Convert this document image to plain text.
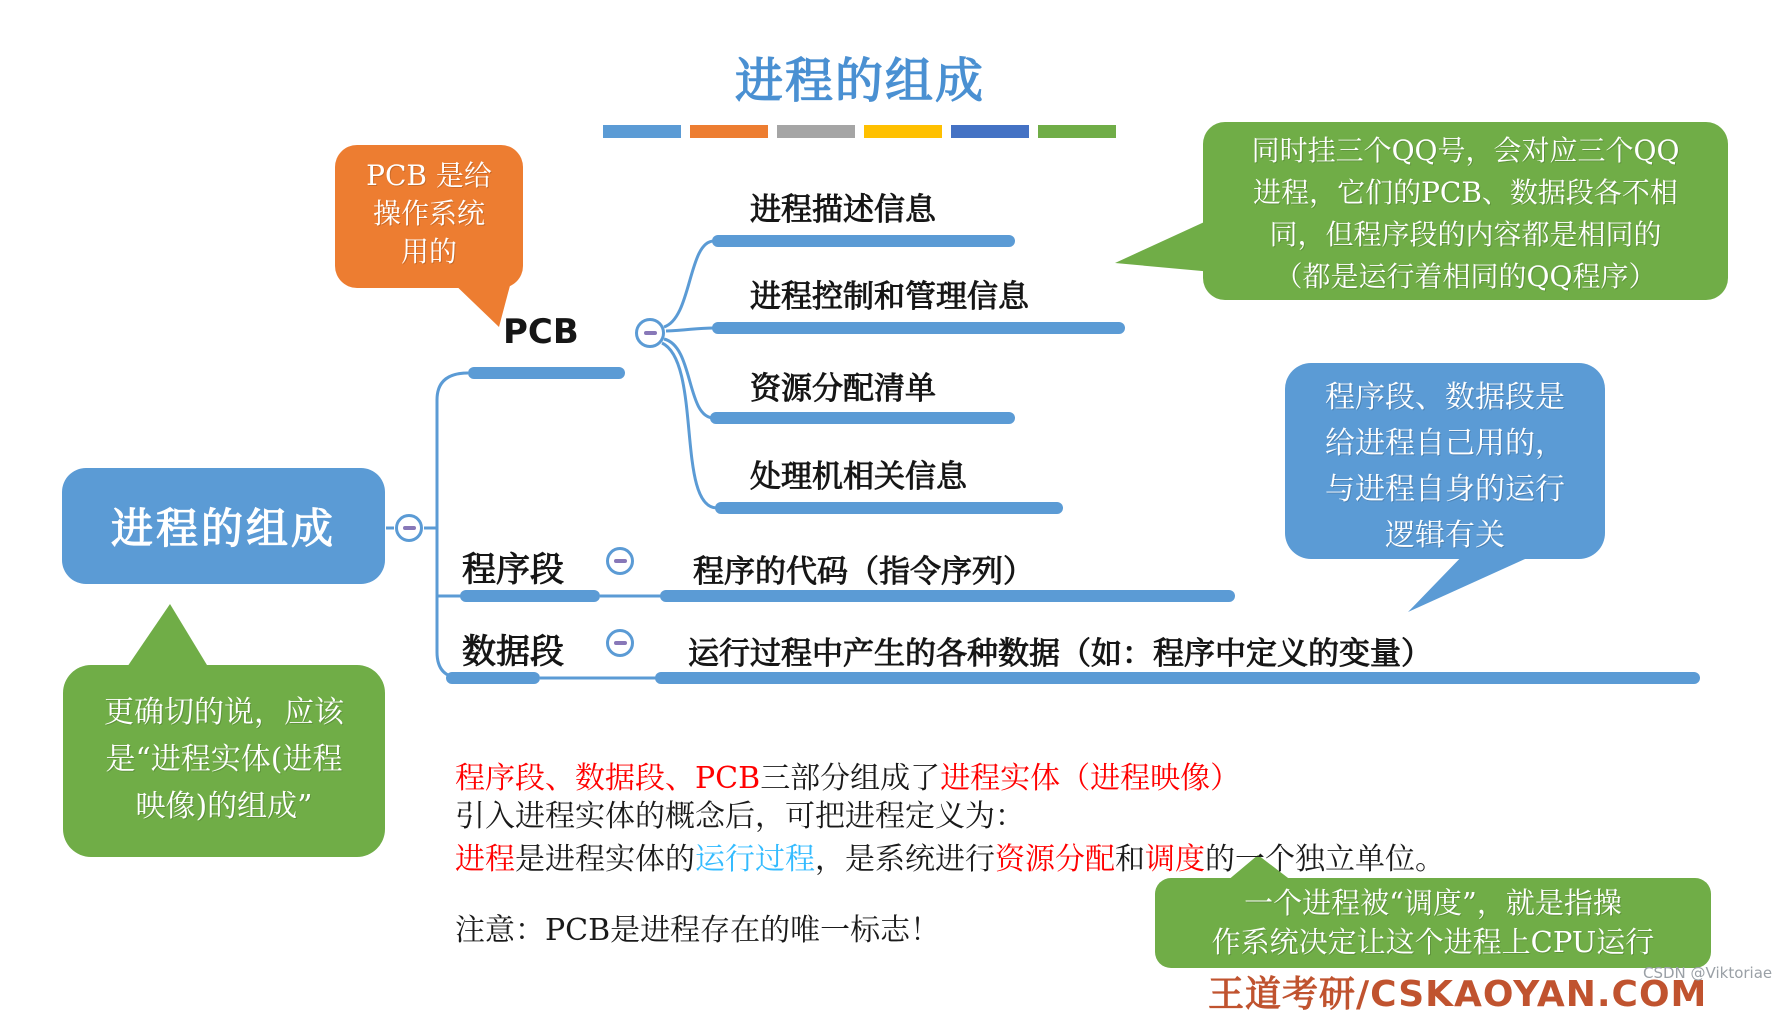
进程的组成
进程的组成
PCB
进程描述信息
进程控制和管理信息
资源分配清单
处理机相关信息
程序段	程序的代码（指令序列）
数据段	运行过程中产生的各种数据（如：程序中定义的变量）
PCB 是给
操作系统
用的
同时挂三个QQ号，会对应三个QQ
进程，它们的PCB、数据段各不相
同，但程序段的内容都是相同的
（都是运行着相同的QQ程序）
程序段、数据段是
给进程自己用的，
与进程自身的运行
逻辑有关
更确切的说，应该
是“进程实体(进程
映像)的组成”
一个进程被“调度”，就是指操
作系统决定让这个进程上CPU运行
程序段、数据段、PCB三部分组成了进程实体（进程映像）
引入进程实体的概念后，可把进程定义为：
进程是进程实体的运行过程，是系统进行资源分配和调度的一个独立单位。
注意：PCB是进程存在的唯一标志！
王道考研/CSKAOYAN.COM
CSDN @Viktoriae
